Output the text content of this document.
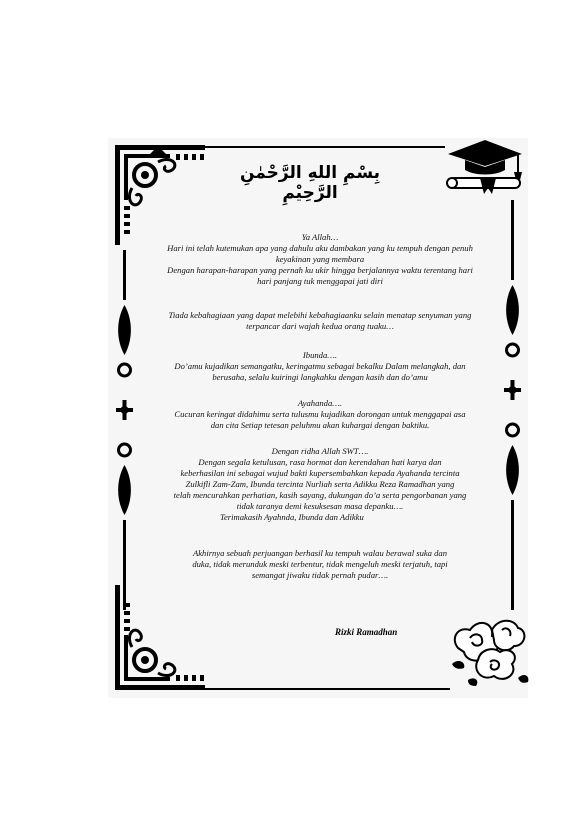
بِسْمِ اللهِ الرَّحْمٰنِ الرَّحِيْمِ

Ya Allah…

Hari ini telah kutemukan apa yang dahulu aku dambakan yang ku tempuh dengan penuh

keyakinan yang membara

Dengan harapan-harapan yang pernah ku ukir hingga berjalannya waktu terentang hari

hari panjang tuk menggapai jati diri

Tiada kebahagiaan yang dapat melebihi kebahagiaanku selain menatap senyuman yang

terpancar dari wajah kedua orang tuaku…

Ibunda….

Do’amu kujadikan semangatku, keringatmu sebagai bekalku Dalam melangkah, dan

berusaha, selalu kuiringi langkahku dengan kasih dan do’amu

Ayahanda….

Cucuran keringat didahimu serta tulusmu kujadikan dorongan untuk menggapai asa

dan cita Setiap tetesan peluhmu akan kuhargai dengan baktiku.

Dengan ridha Allah SWT….

Dengan segala ketulusan, rasa hormat dan kerendahan hati karya dan

keberhasilan ini sebagai wujud bakti kupersembahkan kepada Ayahanda tercinta

Zulkifli Zam-Zam, Ibunda tercinta Nurliah serta Adikku Reza Ramadhan yang

telah mencurahkan perhatian, kasih sayang, dukungan do’a serta pengorbanan yang

tidak taranya demi kesuksesan masa depanku….

Terimakasih Ayahnda, Ibunda dan Adikku

Akhirnya sebuah perjuangan berhasil ku tempuh walau berawal suka dan

duka, tidak merunduk meski terbentur, tidak mengeluh meski terjatuh, tapi

semangat jiwaku tidak pernah pudar….

Rizki Ramadhan
